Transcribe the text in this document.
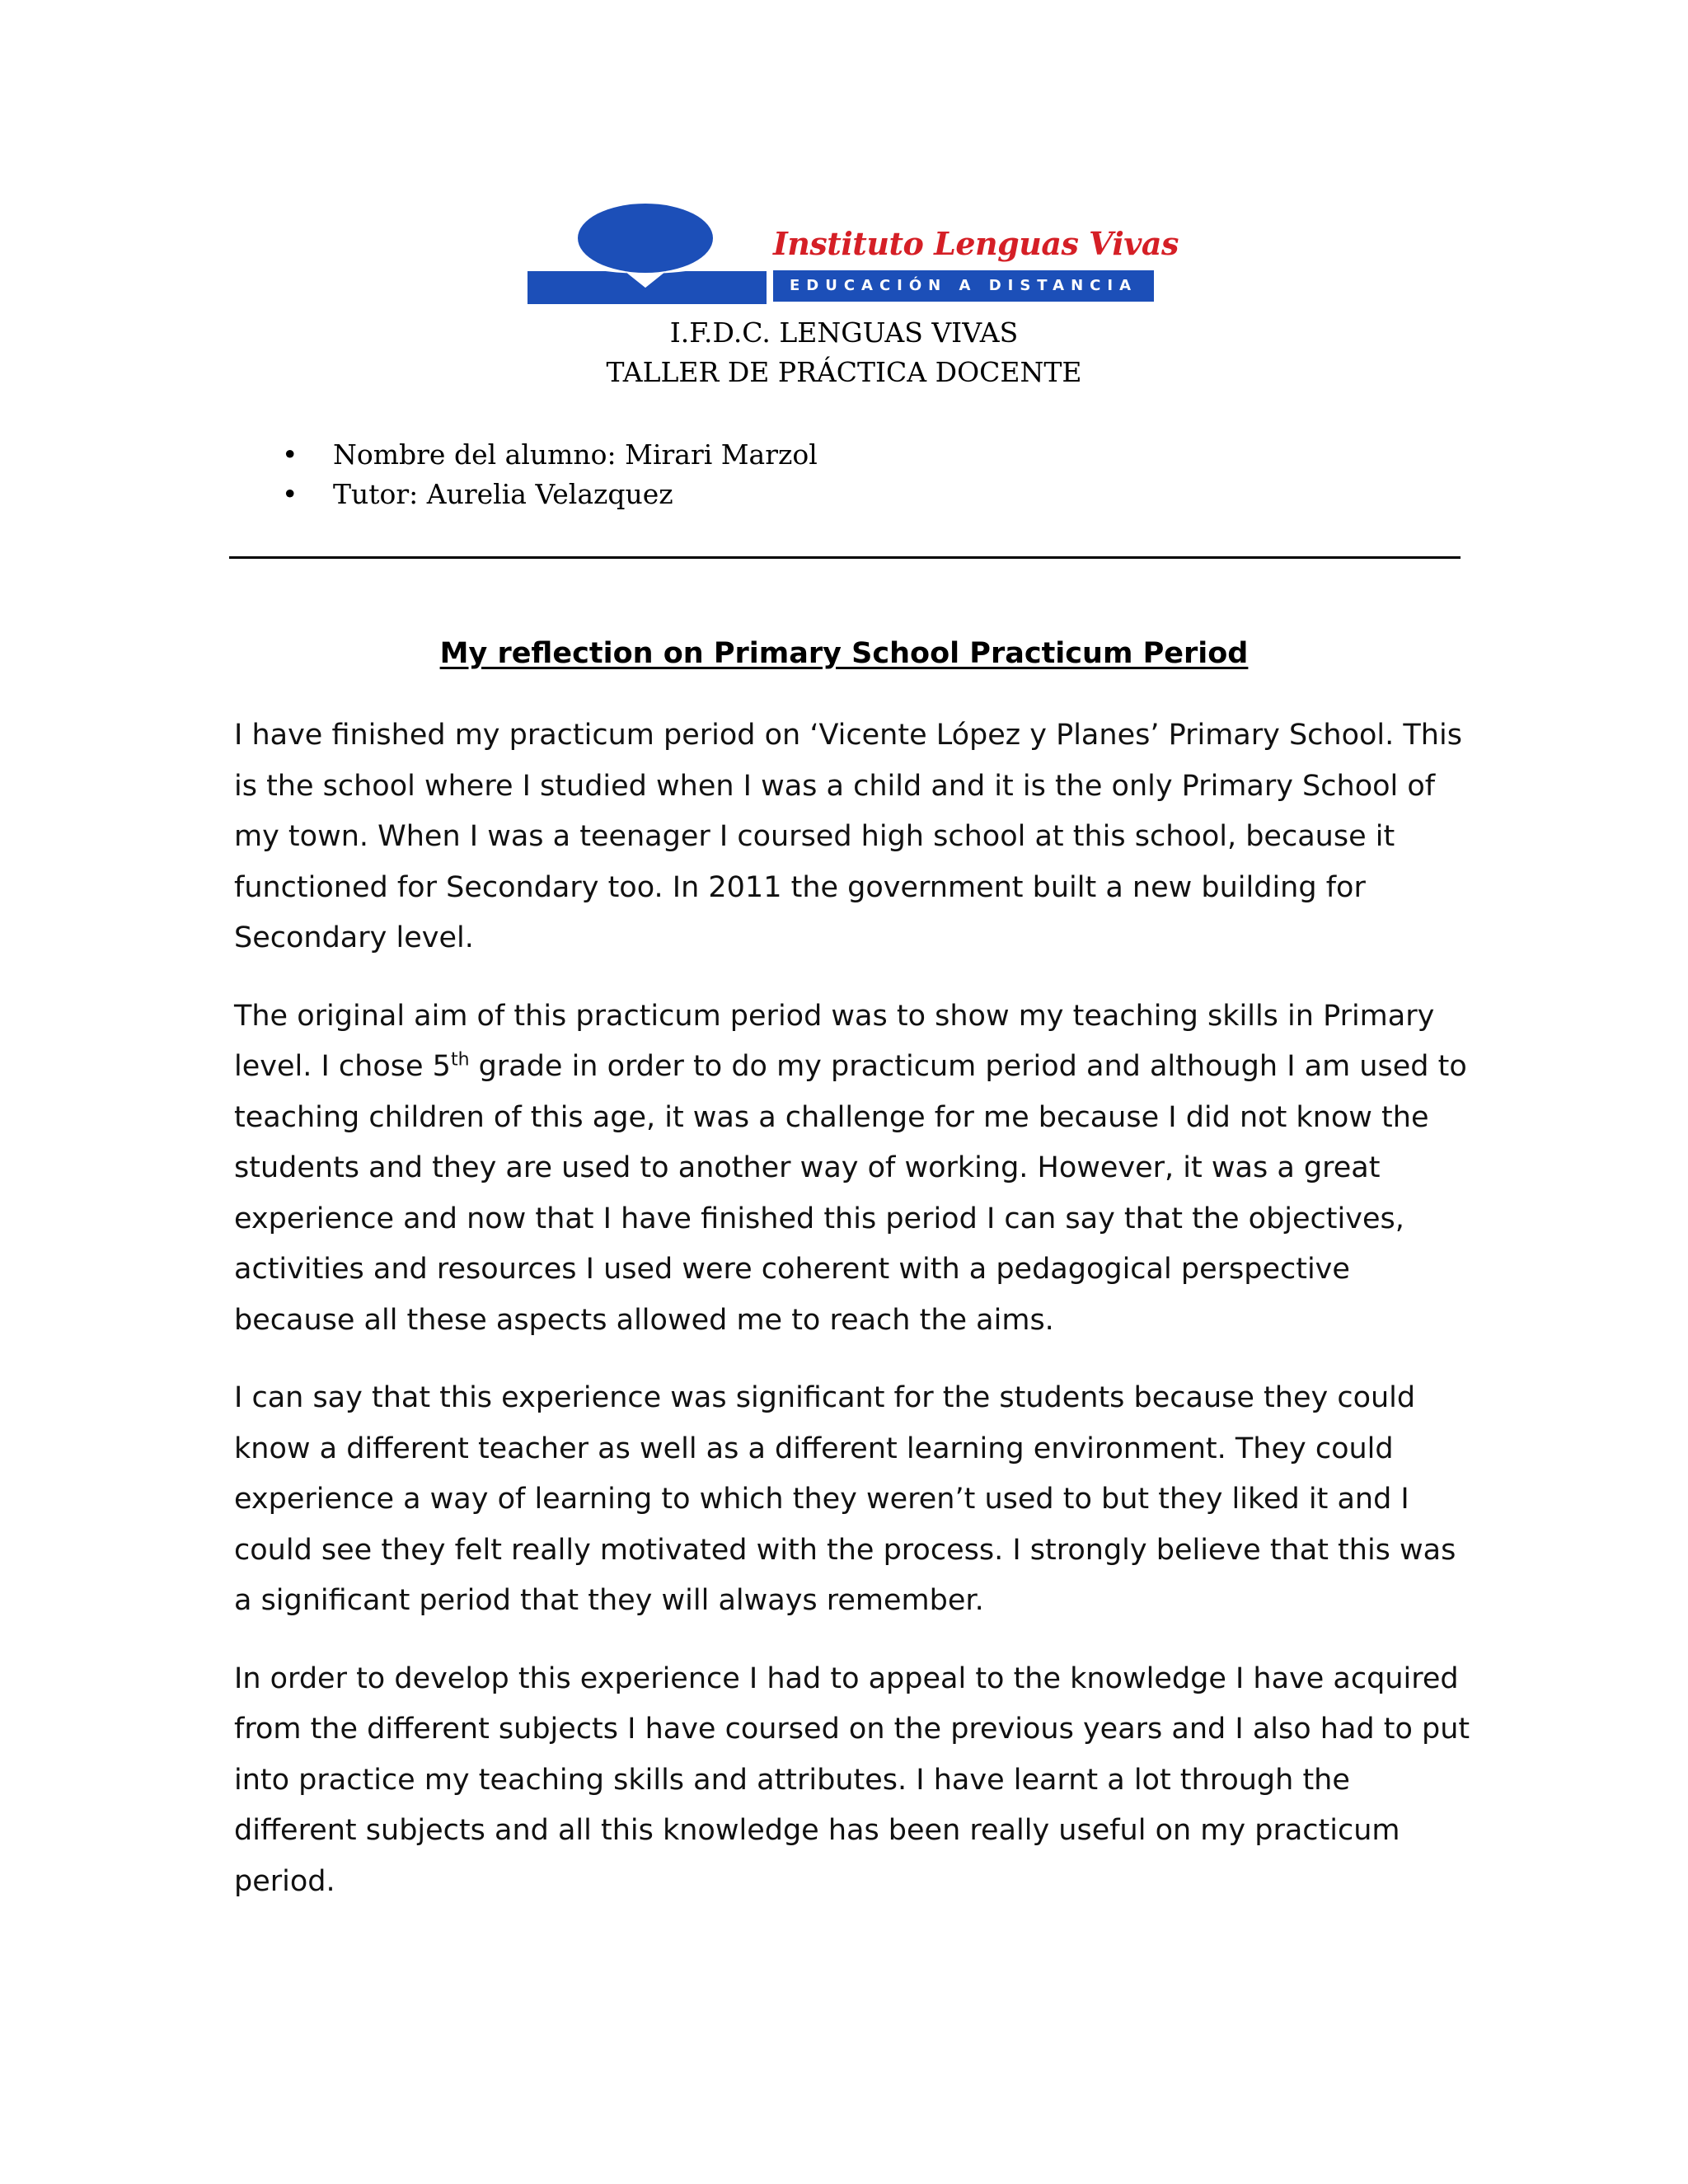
Instituto Lenguas Vivas
EDUCACIÓN A DISTANCIA
I.F.D.C. LENGUAS VIVAS
TALLER DE PRÁCTICA DOCENTE
• Nombre del alumno: Mirari Marzol
• Tutor: Aurelia Velazquez
My reflection on Primary School Practicum Period

I have finished my practicum period on ‘Vicente López y Planes’ Primary School. This is the school where I studied when I was a child and it is the only Primary School of my town. When I was a teenager I coursed high school at this school, because it functioned for Secondary too. In 2011 the government built a new building for Secondary level.

The original aim of this practicum period was to show my teaching skills in Primary level. I chose 5th grade in order to do my practicum period and although I am used to teaching children of this age, it was a challenge for me because I did not know the students and they are used to another way of working. However, it was a great experience and now that I have finished this period I can say that the objectives, activities and resources I used were coherent with a pedagogical perspective because all these aspects allowed me to reach the aims.

I can say that this experience was significant for the students because they could know a different teacher as well as a different learning environment. They could experience a way of learning to which they weren’t used to but they liked it and I could see they felt really motivated with the process. I strongly believe that this was a significant period that they will always remember.

In order to develop this experience I had to appeal to the knowledge I have acquired from the different subjects I have coursed on the previous years and I also had to put into practice my teaching skills and attributes. I have learnt a lot through the different subjects and all this knowledge has been really useful on my practicum period.
